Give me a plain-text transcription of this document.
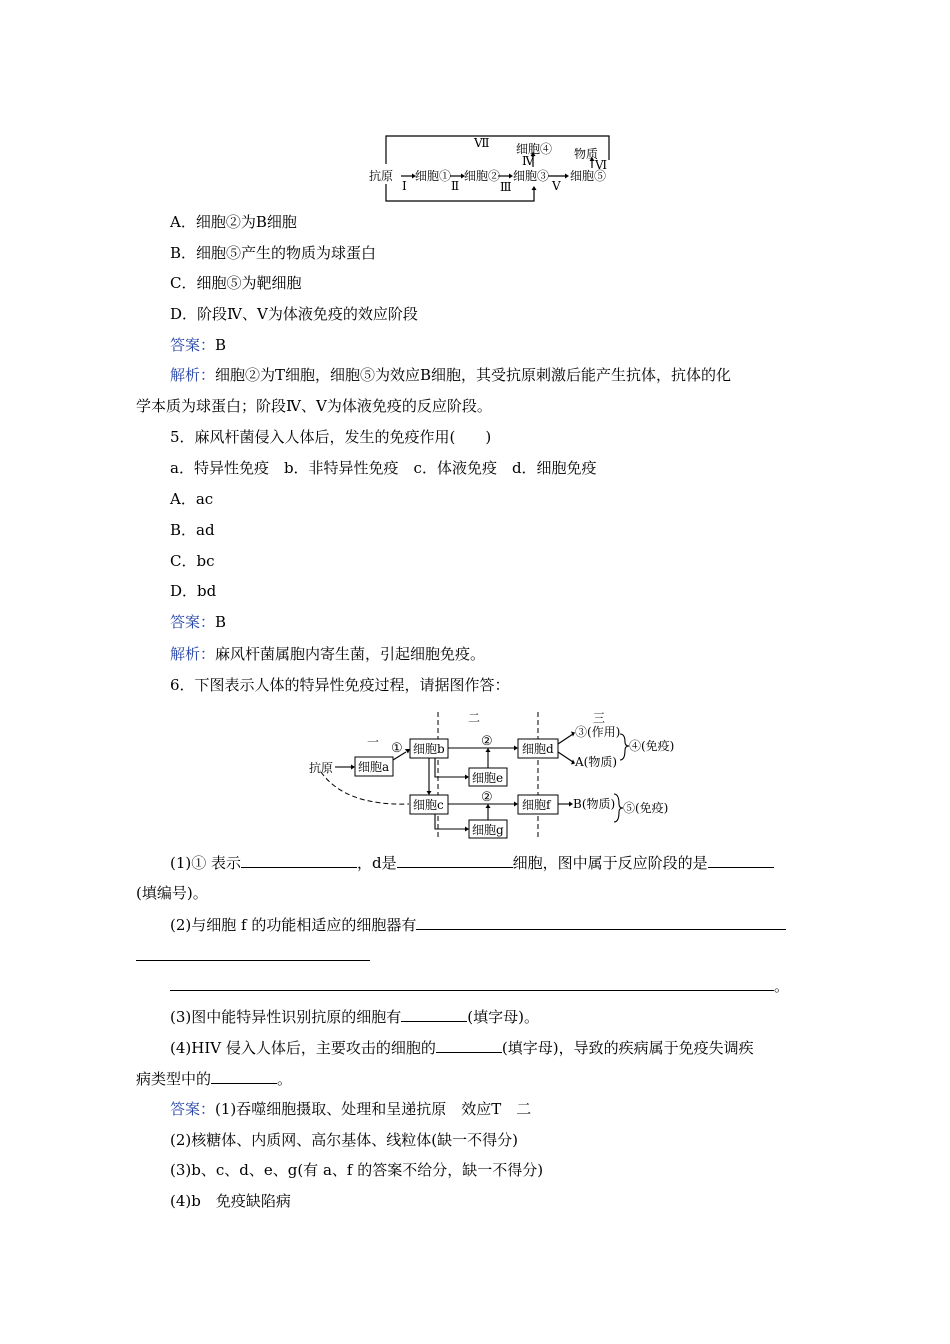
抗原 细胞① 细胞② 细胞③
细胞④
细胞⑤
物质
Ⅰ	Ⅱ	Ⅲ
Ⅳ
Ⅴ
Ⅵ
Ⅶ
A．细胞②为B细胞
B．细胞⑤产生的物质为球蛋白
C．细胞⑤为靶细胞
D．阶段Ⅳ、Ⅴ为体液免疫的效应阶段
答案：B
解析：细胞②为T细胞，细胞⑤为效应B细胞，其受抗原刺激后能产生抗体，抗体的化
学本质为球蛋白；阶段Ⅳ、Ⅴ为体液免疫的反应阶段。
5．麻风杆菌侵入人体后，发生的免疫作用(　　)
a．特异性免疫　b．非特异性免疫　c．体液免疫　d．细胞免疫
A．ac
B．ad
C．bc
D．bd
答案：B
解析：麻风杆菌属胞内寄生菌，引起细胞免疫。
6．下图表示人体的特异性免疫过程，请据图作答：
一
二	三
抗原 细胞a
细胞b
细胞c
细胞d
细胞e
细胞f
细胞g
①	②
②
③(作用)
A(物质)
B(物质)
④(免疫)
⑤(免疫)
(1)① 表示	，d是	细胞，图中属于反应阶段的是
(填编号)。
(2)与细胞 f 的功能相适应的细胞器有
。
(3)图中能特异性识别抗原的细胞有	(填字母)。
(4)HIV 侵入人体后，主要攻击的细胞的	(填字母)，导致的疾病属于免疫失调疾
病类型中的	。
答案：(1)吞噬细胞摄取、处理和呈递抗原　效应T　二
(2)核糖体、内质网、高尔基体、线粒体(缺一不得分)
(3)b、c、d、e、g(有 a、f 的答案不给分，缺一不得分)
(4)b　免疫缺陷病
